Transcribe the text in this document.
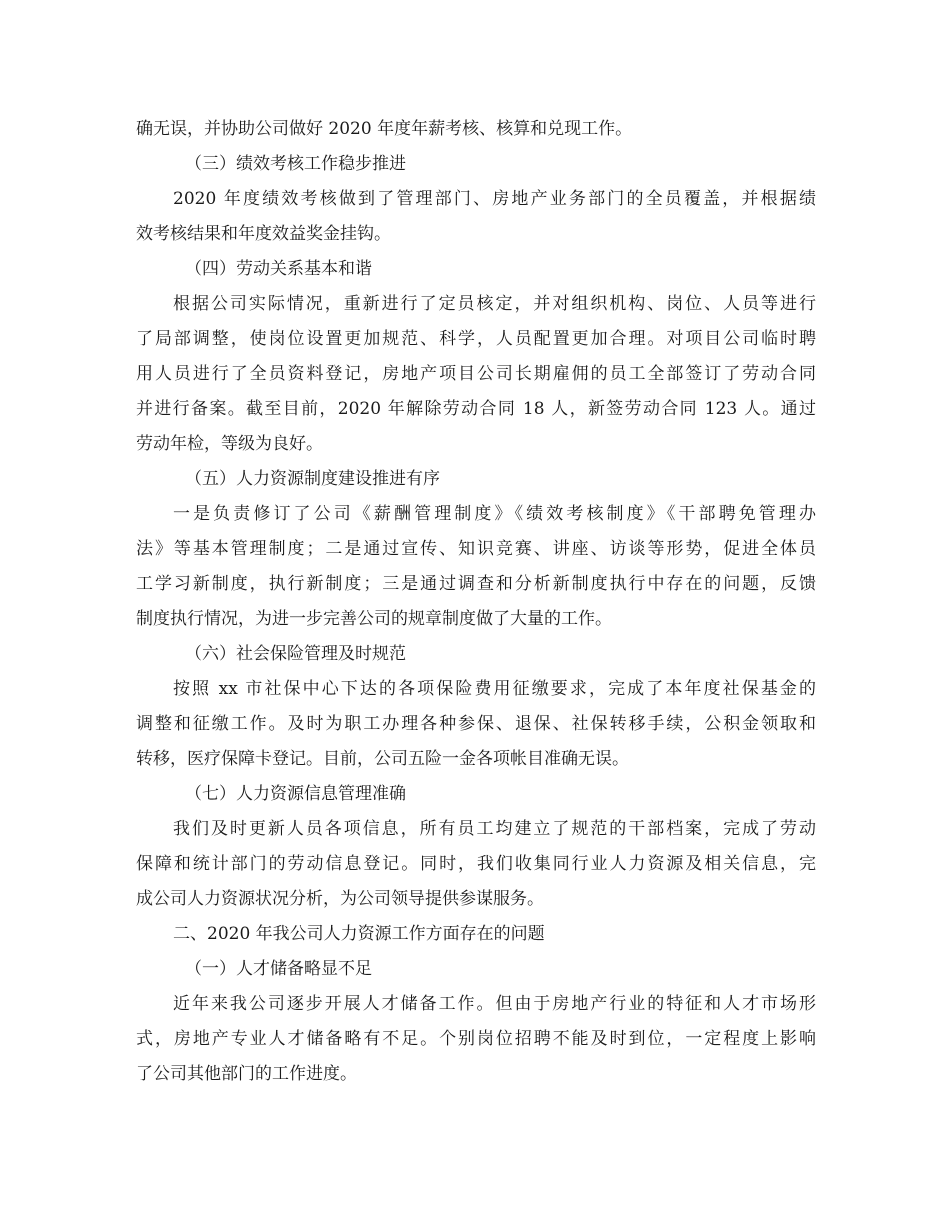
确无误，并协助公司做好 2020 年度年薪考核、核算和兑现工作。
（三）绩效考核工作稳步推进
2020 年度绩效考核做到了管理部门、房地产业务部门的全员覆盖，并根据绩
效考核结果和年度效益奖金挂钩。
（四）劳动关系基本和谐
根据公司实际情况，重新进行了定员核定，并对组织机构、岗位、人员等进行
了局部调整，使岗位设置更加规范、科学，人员配置更加合理。对项目公司临时聘
用人员进行了全员资料登记，房地产项目公司长期雇佣的员工全部签订了劳动合同
并进行备案。截至目前，2020 年解除劳动合同 18 人，新签劳动合同 123 人。通过
劳动年检，等级为良好。
（五）人力资源制度建设推进有序
一是负责修订了公司《薪酬管理制度》《绩效考核制度》《干部聘免管理办
法》等基本管理制度；二是通过宣传、知识竞赛、讲座、访谈等形势，促进全体员
工学习新制度，执行新制度；三是通过调查和分析新制度执行中存在的问题，反馈
制度执行情况，为进一步完善公司的规章制度做了大量的工作。
（六）社会保险管理及时规范
按照 xx 市社保中心下达的各项保险费用征缴要求，完成了本年度社保基金的
调整和征缴工作。及时为职工办理各种参保、退保、社保转移手续，公积金领取和
转移，医疗保障卡登记。目前，公司五险一金各项帐目准确无误。
（七）人力资源信息管理准确
我们及时更新人员各项信息，所有员工均建立了规范的干部档案，完成了劳动
保障和统计部门的劳动信息登记。同时，我们收集同行业人力资源及相关信息，完
成公司人力资源状况分析，为公司领导提供参谋服务。
二、2020 年我公司人力资源工作方面存在的问题
（一）人才储备略显不足
近年来我公司逐步开展人才储备工作。但由于房地产行业的特征和人才市场形
式，房地产专业人才储备略有不足。个别岗位招聘不能及时到位，一定程度上影响
了公司其他部门的工作进度。
